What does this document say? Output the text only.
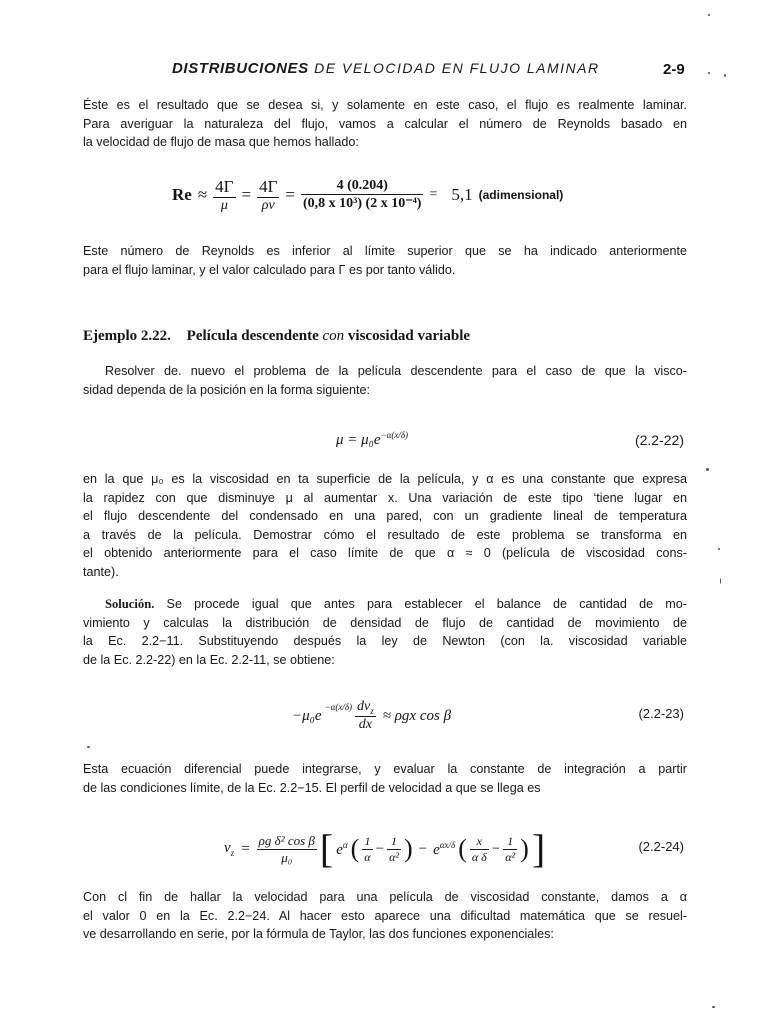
DISTRIBUCIONES DE VELOCIDAD EN FLUJO LAMINAR	2-9
Éste es el resultado que se desea si, y solamente en este caso, el flujo es realmente laminar.
Para averiguar la naturaleza del flujo, vamos a calcular el número de Reynolds basado en
la velocidad de flujo de masa que hemos hallado:
$Re \approx \frac{4\Gamma}{\mu} = \frac{4\Gamma}{\rho\nu} = \frac{4 (0.204)}{\text{(0,8 x 10³) (2 x 10⁻⁴)}} = 5,1$ (adimensional)
Este número de Reynolds es inferior al límite superior que se ha indicado anteriormente
para el flujo laminar, y el valor calculado para Γ es por tanto válido.
Ejemplo 2.22. Película descendente con viscosidad variable
Resolver de. nuevo el problema de la película descendente para el caso de que la visco-
sidad dependa de la posición en la forma siguiente:
$\mu = \mu_0e^{-\alpha(x/\delta)}$	(2.2-22)
en la que μ₀ es la viscosidad en ta superficie de la película, y α es una constante que expresa
la rapidez con que disminuye μ al aumentar x. Una variación de este tipo ‘tiene lugar en
el flujo descendente del condensado en una pared, con un gradiente lineal de temperatura
a través de la película. Demostrar cómo el resultado de este problema se transforma en
el obtenido anteriormente para el caso límite de que α ≈ 0 (película de viscosidad cons-
tante).
Solución. Se procede igual que antes para establecer el balance de cantidad de mo-
vimiento y calculas la distribución de densidad de flujo de cantidad de movimiento de
la Ec. 2.2−11. Substituyendo después la ley de Newton (con la. viscosidad variable
de la Ec. 2.2-22) en la Ec. 2.2-11, se obtiene:
−μ₀e
$^{-\alpha(x/\delta)} \frac{dv_z}{dx} \approx \rho gx$ cos β	(2.2-23)
Esta ecuación diferencial puede integrarse, y evaluar la constante de integración a partir
de las condiciones límite, de la Ec. 2.2−15. El perfil de velocidad a que se llega es
$v_z = \frac{\text{ρg δ² cos β}}{\text{μ₀}}$ [ $e^\alpha$ ( $\frac{1}{\alpha} - \frac{1}{\text{α²}}$ ) − $e^{\alpha x/\delta}$ ( $\frac{x}{\text{α δ}} - \frac{1}{\text{α²}}$ ) ]	(2.2-24)
Con cl fin de hallar la velocidad para una película de viscosidad constante, damos a α
el valor 0 en la Ec. 2.2−24. Al hacer esto aparece una dificultad matemática que se resuel-
ve desarrollando en serie, por la fórmula de Taylor, las dos funciones exponenciales:
